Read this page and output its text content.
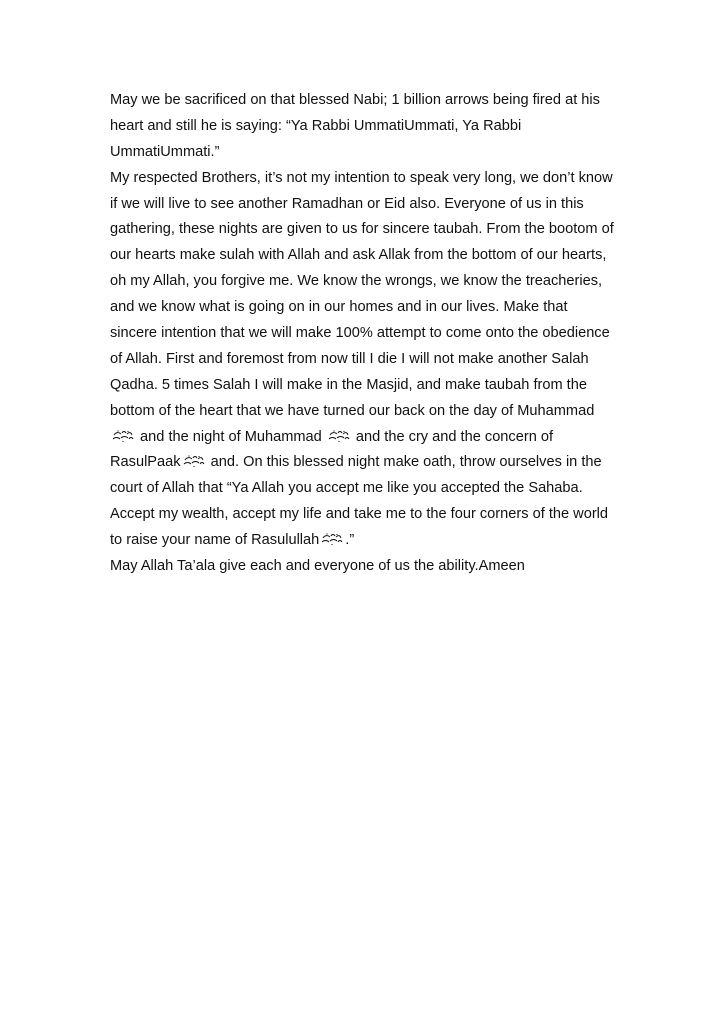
May we be sacrificed on that blessed Nabi; 1 billion arrows being fired at his
heart and still he is saying: “Ya Rabbi UmmatiUmmati, Ya Rabbi
UmmatiUmmati.”
My respected Brothers, it’s not my intention to speak very long, we don’t know
if we will live to see another Ramadhan or Eid also. Everyone of us in this
gathering, these nights are given to us for sincere taubah. From the bootom of
our hearts make sulah with Allah and ask Allak from the bottom of our hearts,
oh my Allah, you forgive me. We know the wrongs, we know the treacheries,
and we know what is going on in our homes and in our lives. Make that
sincere intention that we will make 100% attempt to come onto the obedience
of Allah. First and foremost from now till I die I will not make another Salah
Qadha. 5 times Salah I will make in the Masjid, and make taubah from the
bottom of the heart that we have turned our back on the day of Muhammad
and the night of Muhammad
and the cry and the concern of
RasulPaak
and. On this blessed night make oath, throw ourselves in the
court of Allah that “Ya Allah you accept me like you accepted the Sahaba.
Accept my wealth, accept my life and take me to the four corners of the world
to raise your name of Rasulullah .”
May Allah Ta’ala give each and everyone of us the ability.Ameen
